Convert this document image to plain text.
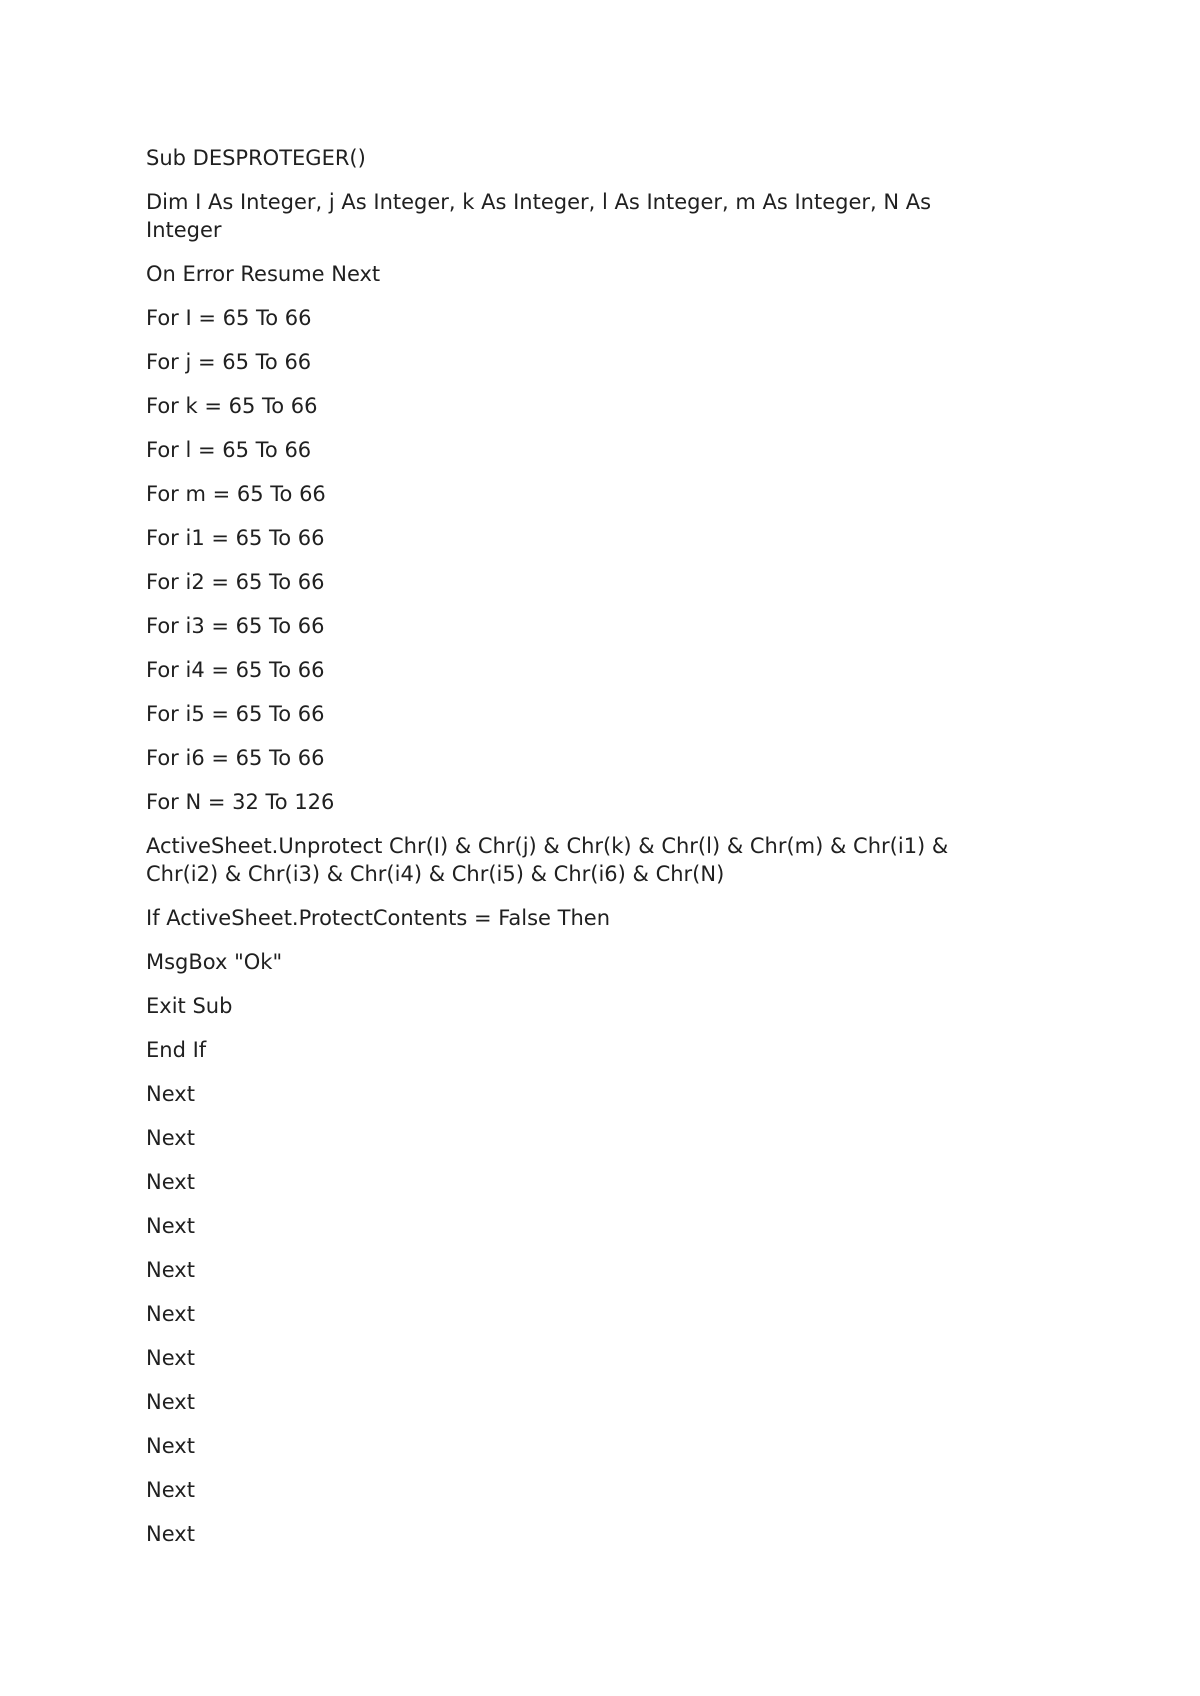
Sub DESPROTEGER()

Dim I As Integer, j As Integer, k As Integer, l As Integer, m As Integer, N As
Integer

On Error Resume Next

For I = 65 To 66

For j = 65 To 66

For k = 65 To 66

For l = 65 To 66

For m = 65 To 66

For i1 = 65 To 66

For i2 = 65 To 66

For i3 = 65 To 66

For i4 = 65 To 66

For i5 = 65 To 66

For i6 = 65 To 66

For N = 32 To 126

ActiveSheet.Unprotect Chr(I) & Chr(j) & Chr(k) & Chr(l) & Chr(m) & Chr(i1) &
Chr(i2) & Chr(i3) & Chr(i4) & Chr(i5) & Chr(i6) & Chr(N)

If ActiveSheet.ProtectContents = False Then

MsgBox "Ok"

Exit Sub

End If

Next

Next

Next

Next

Next

Next

Next

Next

Next

Next

Next
